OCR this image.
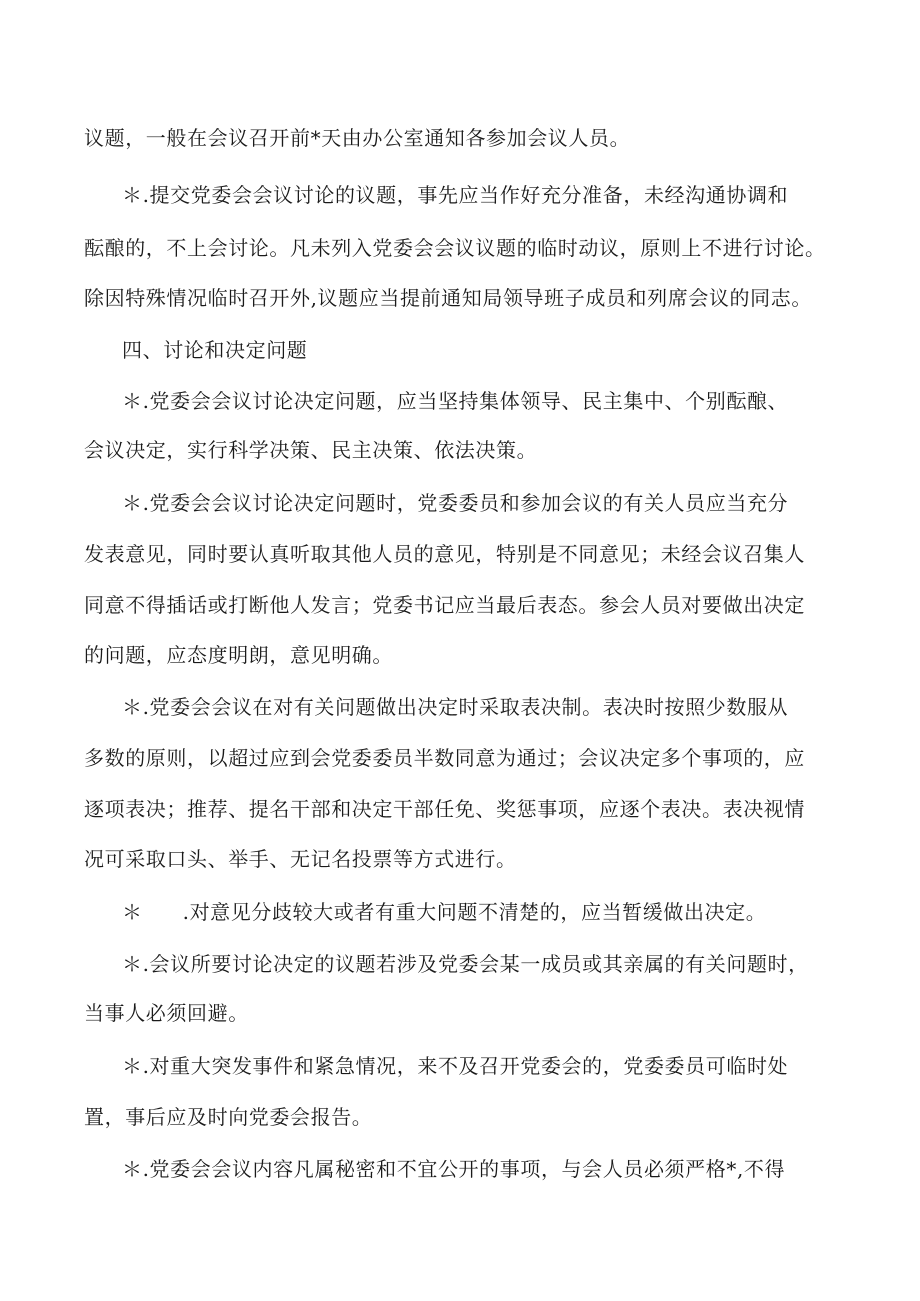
议题，一般在会议召开前*天由办公室通知各参加会议人员。
＊.提交党委会会议讨论的议题，事先应当作好充分准备，未经沟通协调和
酝酿的，不上会讨论。凡未列入党委会会议议题的临时动议，原则上不进行讨论。
除因特殊情况临时召开外,议题应当提前通知局领导班子成员和列席会议的同志。
四、讨论和决定问题
＊.党委会会议讨论决定问题，应当坚持集体领导、民主集中、个别酝酿、
会议决定，实行科学决策、民主决策、依法决策。
＊.党委会会议讨论决定问题时，党委委员和参加会议的有关人员应当充分
发表意见，同时要认真听取其他人员的意见，特别是不同意见；未经会议召集人
同意不得插话或打断他人发言；党委书记应当最后表态。参会人员对要做出决定
的问题，应态度明朗，意见明确。
＊.党委会会议在对有关问题做出决定时采取表决制。表决时按照少数服从
多数的原则，以超过应到会党委委员半数同意为通过；会议决定多个事项的，应
逐项表决；推荐、提名干部和决定干部任免、奖惩事项，应逐个表决。表决视情
况可采取口头、举手、无记名投票等方式进行。
＊ .对意见分歧较大或者有重大问题不清楚的，应当暂缓做出决定。
＊.会议所要讨论决定的议题若涉及党委会某一成员或其亲属的有关问题时，
当事人必须回避。
＊.对重大突发事件和紧急情况，来不及召开党委会的，党委委员可临时处
置，事后应及时向党委会报告。
＊.党委会会议内容凡属秘密和不宜公开的事项，与会人员必须严格*,不得
